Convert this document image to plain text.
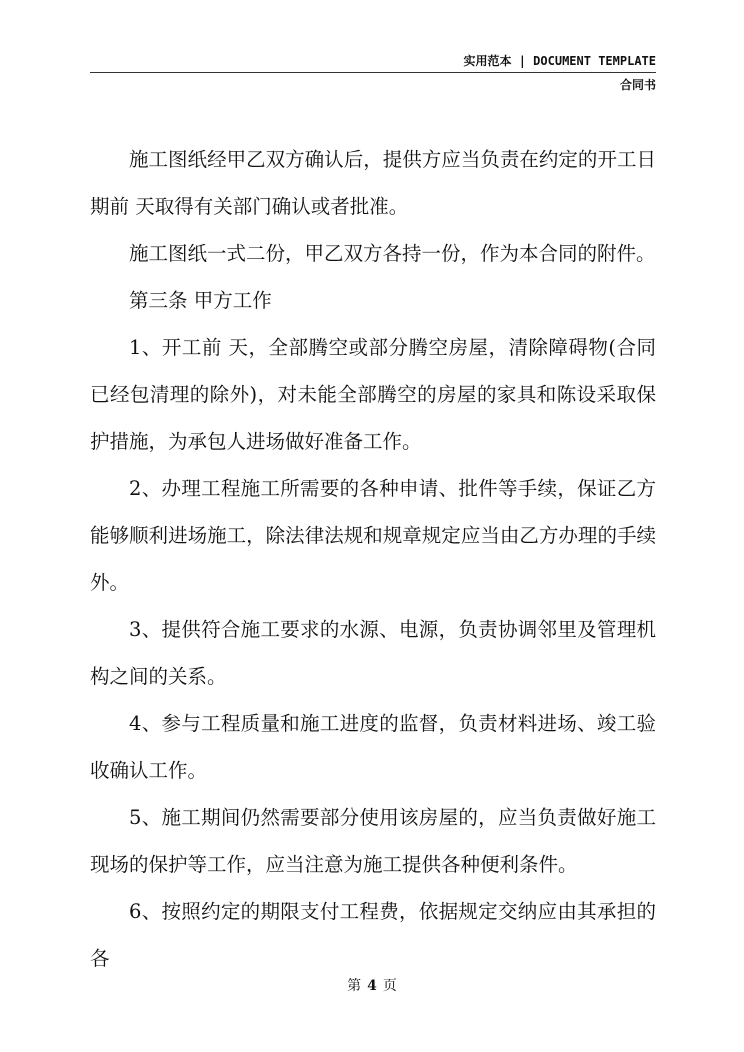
实用范本 | DOCUMENT TEMPLATE
合同书

施工图纸经甲乙双方确认后，提供方应当负责在约定的开工日期前 天取得有关部门确认或者批准。

施工图纸一式二份，甲乙双方各持一份，作为本合同的附件。

第三条 甲方工作

1、开工前 天，全部腾空或部分腾空房屋，清除障碍物(合同已经包清理的除外)，对未能全部腾空的房屋的家具和陈设采取保护措施，为承包人进场做好准备工作。

2、办理工程施工所需要的各种申请、批件等手续，保证乙方能够顺利进场施工，除法律法规和规章规定应当由乙方办理的手续外。

3、提供符合施工要求的水源、电源，负责协调邻里及管理机构之间的关系。

4、参与工程质量和施工进度的监督，负责材料进场、竣工验收确认工作。

5、施工期间仍然需要部分使用该房屋的，应当负责做好施工现场的保护等工作，应当注意为施工提供各种便利条件。

6、按照约定的期限支付工程费，依据规定交纳应由其承担的各

第 4 页
